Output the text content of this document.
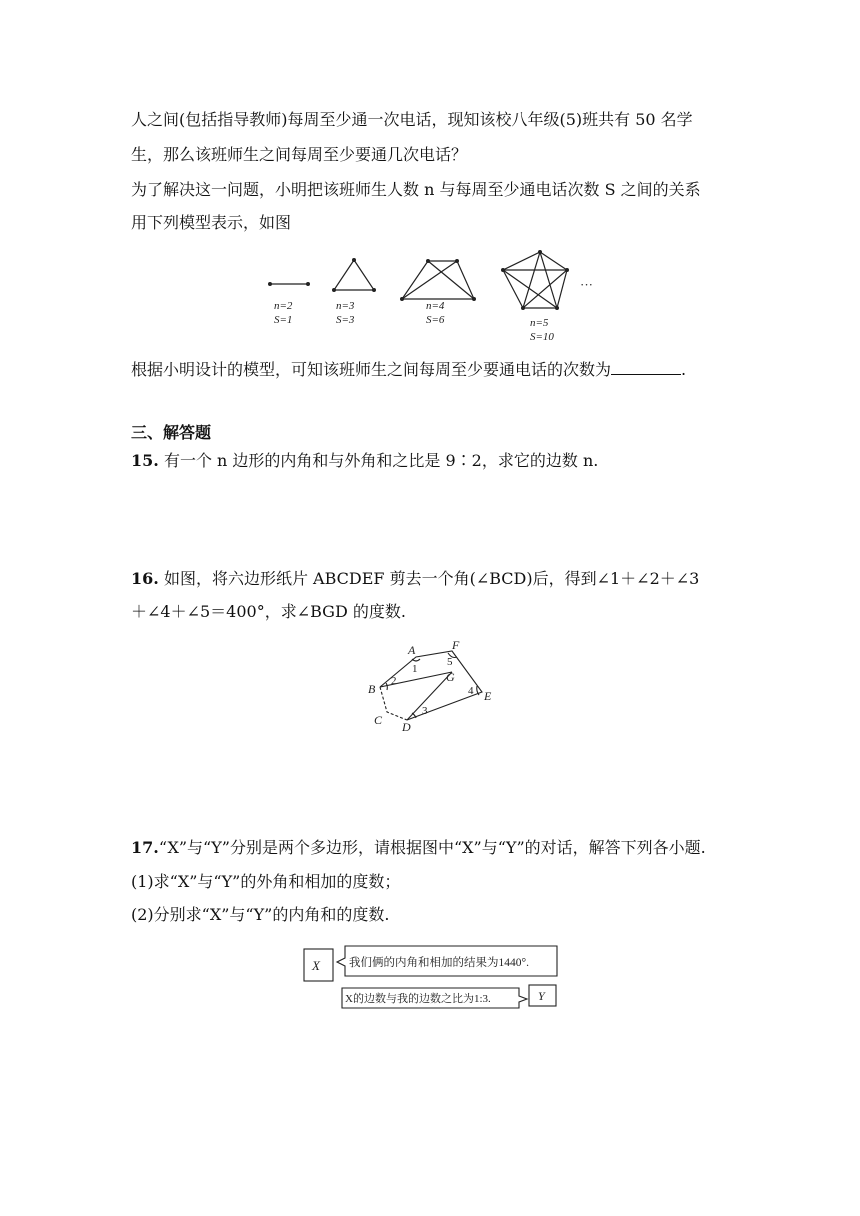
人之间(包括指导教师)每周至少通一次电话，现知该校八年级(5)班共有 50 名学
生，那么该班师生之间每周至少要通几次电话？
为了解决这一问题，小明把该班师生人数 n 与每周至少通电话次数 S 之间的关系
用下列模型表示，如图
n=2
S=1
n=3
S=3
n=4
S=6	n=5
S=10
···
根据小明设计的模型，可知该班师生之间每周至少要通电话的次数为	.
三、解答题
15. 有一个 n 边形的内角和与外角和之比是 9∶2，求它的边数 n.
16. 如图，将六边形纸片 ABCDEF 剪去一个角(∠BCD)后，得到∠1＋∠2＋∠3
＋∠4＋∠5＝400°，求∠BGD 的度数.
A	F
B
G
C D
E
1
2
3
4
5
17.“X”与“Y”分别是两个多边形，请根据图中“X”与“Y”的对话，解答下列各小题.
(1)求“X”与“Y”的外角和相加的度数；
(2)分别求“X”与“Y”的内角和的度数.
X	我们俩的内角和相加的结果为1440°.
X的边数与我的边数之比为1:3.	Y
